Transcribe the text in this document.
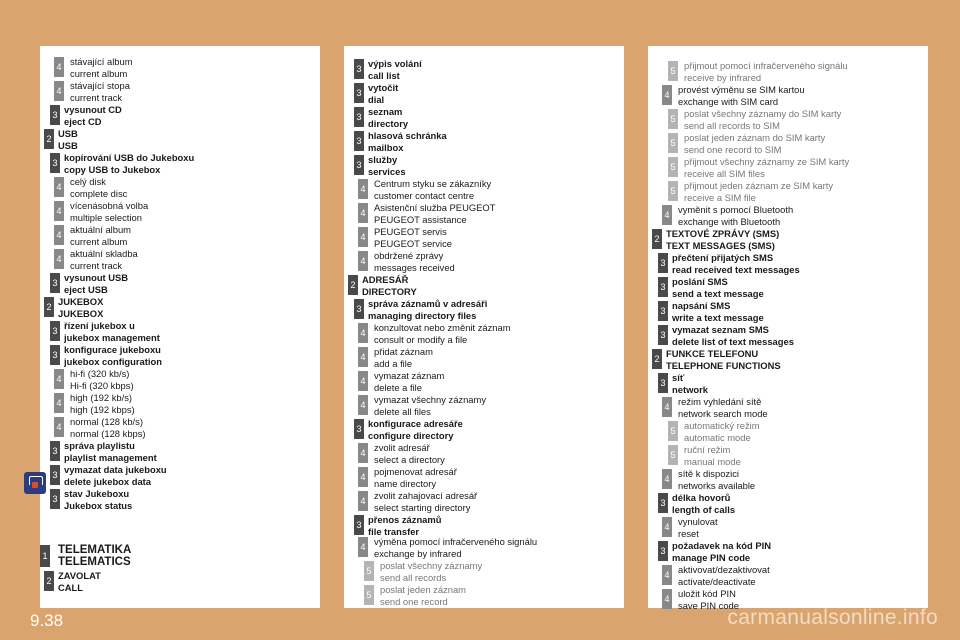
4 stávající album
current album
4 stávající stopa
current track
3 vysunout CD
eject CD
2 USB
USB
3 kopírování USB do Jukeboxu
copy USB to Jukebox
4 celý disk
complete disc
4 vícenásobná volba
multiple selection
4 aktuální album
current album
4 aktuální skladba
current track
3 vysunout USB
eject USB
2 JUKEBOX
JUKEBOX
3 řízení jukebox u
jukebox management
3 konfigurace jukeboxu
jukebox configuration
4 hi-fi (320 kb/s)
Hi-fi (320 kbps)
4 high (192 kb/s)
high (192 kbps)
4 normal (128 kb/s)
normal (128 kbps)
3 správa playlistu
playlist management
3 vymazat data jukeboxu
delete jukebox data
3 stav Jukeboxu
Jukebox status
1 TELEMATIKA
TELEMATICS
2 ZAVOLAT
CALL
3 výpis volání
call list
3 vytočit
dial
3 seznam
directory
3 hlasová schránka
mailbox
3 služby
services
4 Centrum styku se zákazníky
customer contact centre
4 Asistenční služba PEUGEOT
PEUGEOT assistance
4 PEUGEOT servis
PEUGEOT service
4 obdržené zprávy
messages received
2 ADRESÁŘ
DIRECTORY
3 správa záznamů v adresáři
managing directory files
4 konzultovat nebo změnit záznam
consult or modify a file
4 přidat záznam
add a file
4 vymazat záznam
delete a file
4 vymazat všechny záznamy
delete all files
3 konfigurace adresáře
configure directory
4 zvolit adresář
select a directory
4 pojmenovat adresář
name directory
4 zvolit zahajovací adresář
select starting directory
3 přenos záznamů
file transfer
4 výměna pomocí infračerveného signálu
exchange by infrared
5 poslat všechny záznamy
send all records
5 poslat jeden záznam
send one record
5 přijmout pomocí infračerveného signálu
receive by infrared
4 provést výměnu se SIM kartou
exchange with SIM card
5 poslat všechny záznamy do SIM karty
send all records to SIM
5 poslat jeden záznam do SIM karty
send one record to SIM
5 přijmout všechny záznamy ze SIM karty
receive all SIM files
5 přijmout jeden záznam ze SIM karty
receive a SIM file
4 vyměnit s pomocí Bluetooth
exchange with Bluetooth
2 TEXTOVÉ ZPRÁVY (SMS)
TEXT MESSAGES (SMS)
3 přečtení přijatých SMS
read received text messages
3 poslání SMS
send a text message
3 napsání SMS
write a text message
3 vymazat seznam SMS
delete list of text messages
2 FUNKCE TELEFONU
TELEPHONE FUNCTIONS
3 síť
network
4 režim vyhledání sítě
network search mode
5 automatický režim
automatic mode
5 ruční režim
manual mode
4 sítě k dispozici
networks available
3 délka hovorů
length of calls
4 vynulovat
reset
3 požadavek na kód PIN
manage PIN code
4 aktivovat/dezaktivovat
activate/deactivate
4 uložit kód PIN
save PIN code
9.38	carmanualsonline.info
